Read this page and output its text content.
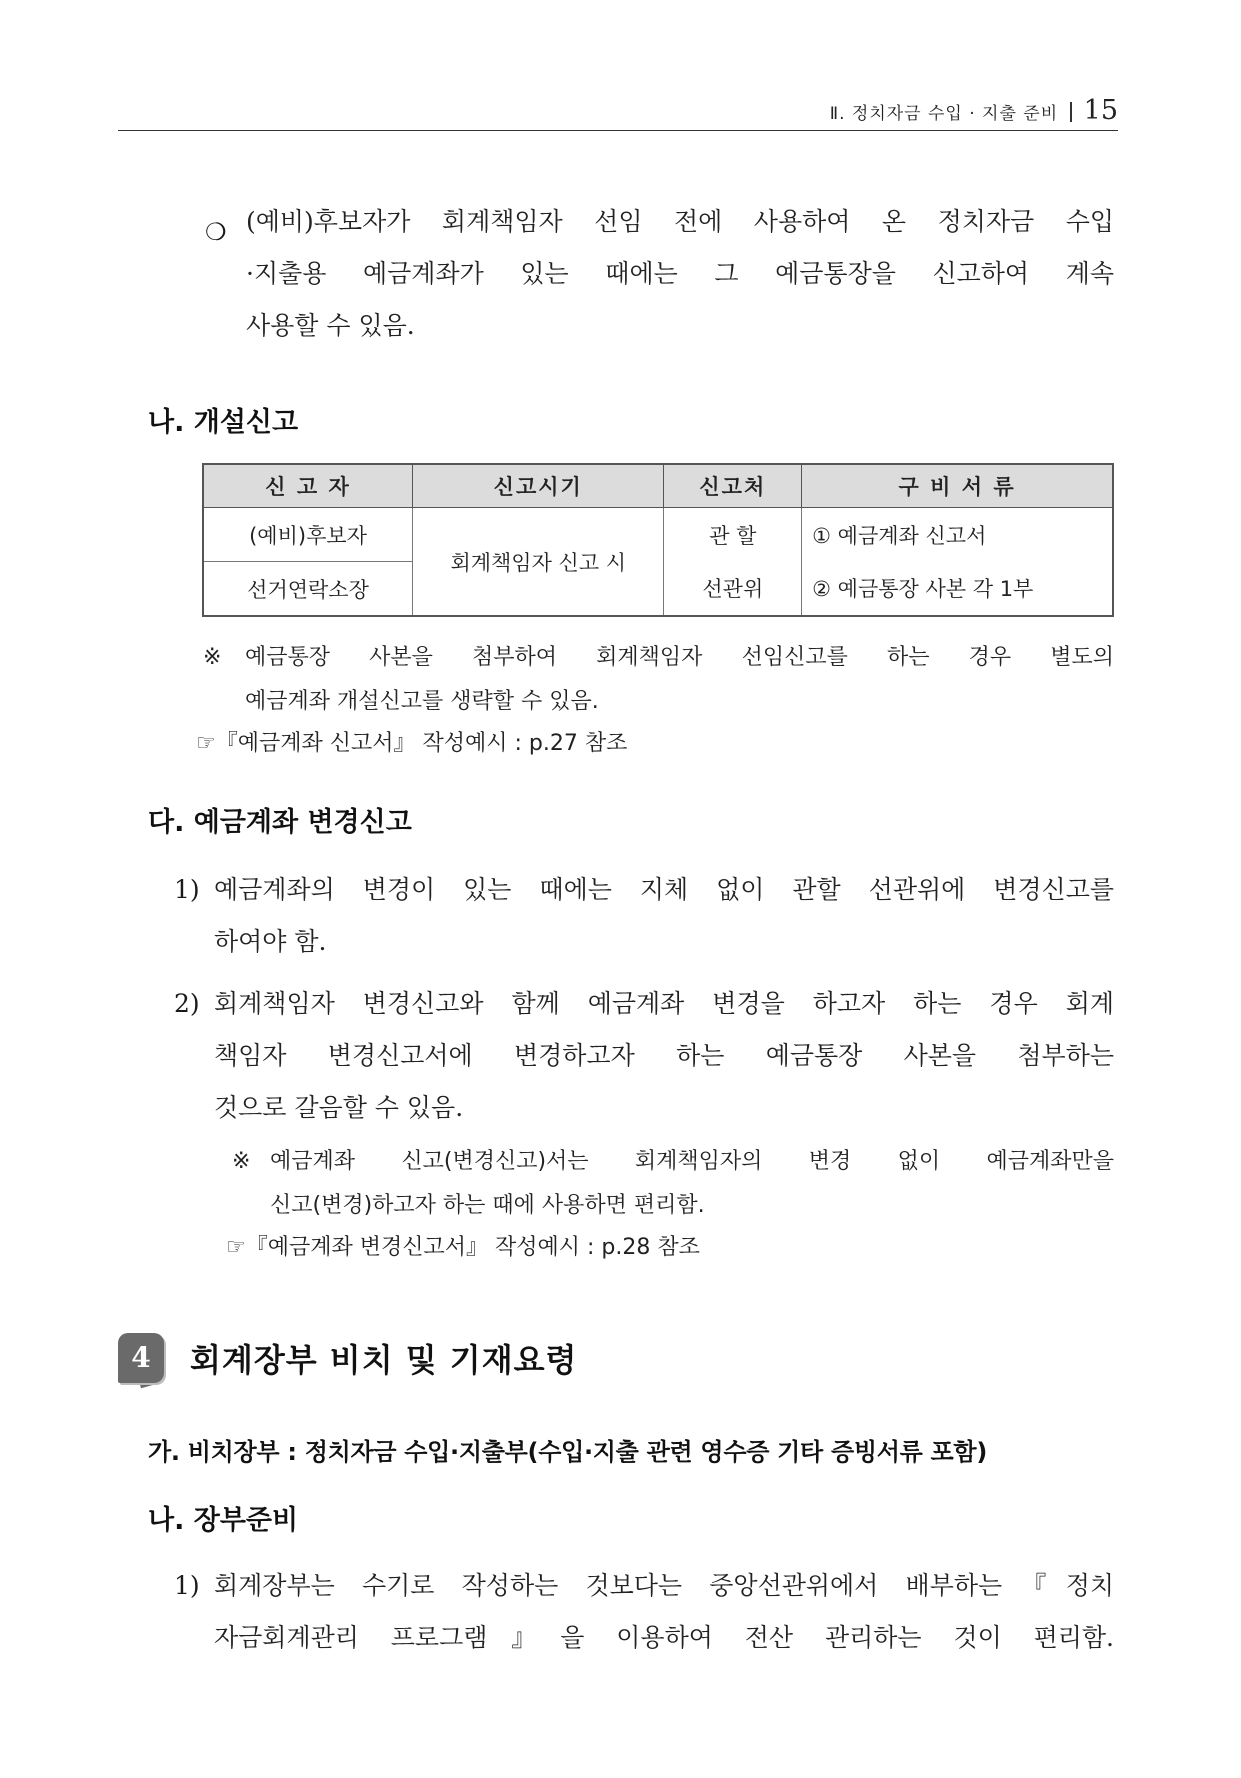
Ⅱ. 정치자금 수입 · 지출 준비 15
❍ (예비)후보자가 회계책임자 선임 전에 사용하여 온 정치자금 수입
·지출용 예금계좌가 있는 때에는 그 예금통장을 신고하여 계속
사용할 수 있음.
나. 개설신고
신 고 자	신고시기	신고처	구 비 서 류
(예비)후보자	회계책임자 신고 시	관 할	① 예금계좌 신고서
선거연락소장		선관위	② 예금통장 사본 각 1부
※ 예금통장 사본을 첨부하여 회계책임자 선임신고를 하는 경우 별도의
예금계좌 개설신고를 생략할 수 있음.
☞『예금계좌 신고서』 작성예시 : p.27 참조
다. 예금계좌 변경신고
1) 예금계좌의 변경이 있는 때에는 지체 없이 관할 선관위에 변경신고를
하여야 함.
2) 회계책임자 변경신고와 함께 예금계좌 변경을 하고자 하는 경우 회계
책임자 변경신고서에 변경하고자 하는 예금통장 사본을 첨부하는
것으로 갈음할 수 있음.
※ 예금계좌 신고(변경신고)서는 회계책임자의 변경 없이 예금계좌만을
신고(변경)하고자 하는 때에 사용하면 편리함.
☞『예금계좌 변경신고서』 작성예시 : p.28 참조
4	회계장부 비치 및 기재요령
가. 비치장부 : 정치자금 수입·지출부(수입·지출 관련 영수증 기타 증빙서류 포함)
나. 장부준비
1) 회계장부는 수기로 작성하는 것보다는 중앙선관위에서 배부하는『정치
자금회계관리 프로그램』을 이용하여 전산 관리하는 것이 편리함.
